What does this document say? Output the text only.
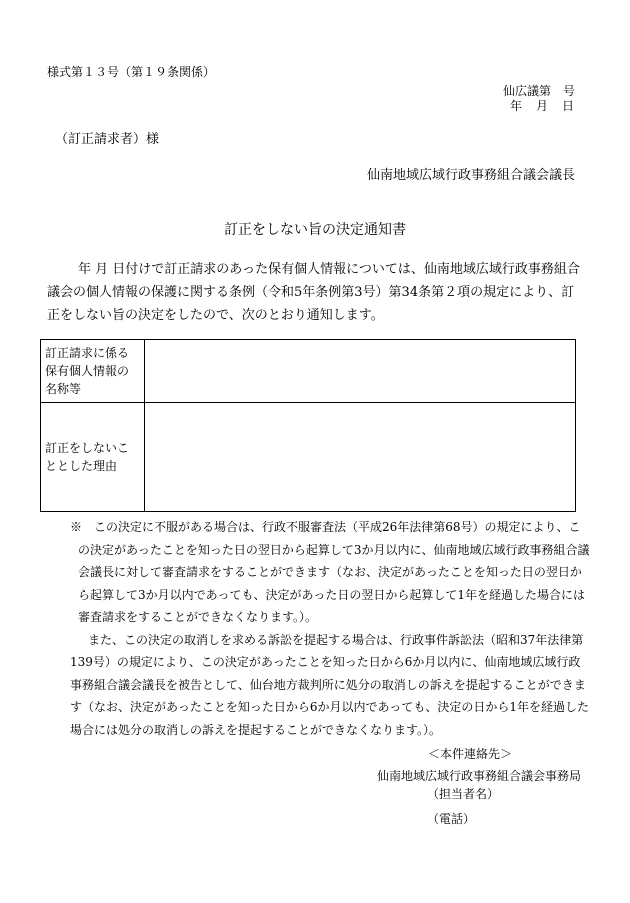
様式第１３号（第１９条関係）
仙広議第　号
年　月　日
（訂正請求者）様
仙南地域広域行政事務組合議会議長
訂正をしない旨の決定通知書

年 月 日付けで訂正請求のあった保有個人情報については、仙南地域広域行政事務組合議会の個人情報の保護に関する条例（令和5年条例第3号）第34条第２項の規定により、訂正をしない旨の決定をしたので、次のとおり通知します。

訂正請求に係る保有個人情報の名称等	
訂正をしないこととした理由	

※　この決定に不服がある場合は、行政不服審査法（平成26年法律第68号）の規定により、この決定があったことを知った日の翌日から起算して3か月以内に、仙南地域広域行政事務組合議会議長に対して審査請求をすることができます（なお、決定があったことを知った日の翌日から起算して3か月以内であっても、決定があった日の翌日から起算して1年を経過した場合には審査請求をすることができなくなります。）。

また、この決定の取消しを求める訴訟を提起する場合は、行政事件訴訟法（昭和37年法律第139号）の規定により、この決定があったことを知った日から6か月以内に、仙南地域広域行政事務組合議会議長を被告として、仙台地方裁判所に処分の取消しの訴えを提起することができます（なお、決定があったことを知った日から6か月以内であっても、決定の日から1年を経過した場合には処分の取消しの訴えを提起することができなくなります。）。

＜本件連絡先＞
仙南地域広域行政事務組合議会事務局
（担当者名）
（電話）
